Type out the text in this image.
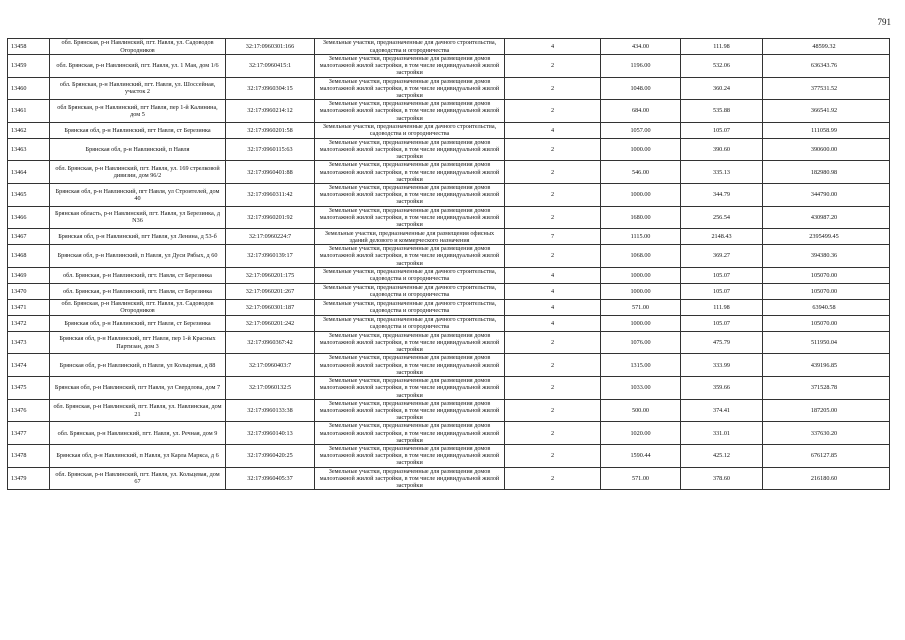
791
13458	обл. Брянская, р-н Навлинский, пгт. Навля, ул. Садоводов Огородников	32:17:0960301:166	Земельные участки, предназначенные для дачного строительства, садоводства и огородничества	4	434.00	111.98	48599.32
13459	обл. Брянская, р-н Навлинский, пгт. Навля, ул. 1 Мая, дом 1/6	32:17:0960415:1	Земельные участки, предназначенные для размещения домов малоэтажной жилой застройки, в том числе индивидуальной жилой застройки	2	1196.00	532.06	636343.76
13460	обл. Брянская, р-н Навлинский, пгт. Навля, ул. Шоссейная, участок 2	32:17:0960304:15	Земельные участки, предназначенные для размещения домов малоэтажной жилой застройки, в том числе индивидуальной жилой застройки	2	1048.00	360.24	377531.52
13461	обл Брянская, р-н Навлинский, пгт Навля, пер 1-й Калинина, дом 5	32:17:0960214:12	Земельные участки, предназначенные для размещения домов малоэтажной жилой застройки, в том числе индивидуальной жилой застройки	2	684.00	535.88	366541.92
13462	Брянская обл, р-н Навлинский, пгт Навля, ст Березинка	32:17:0960201:58	Земельные участки, предназначенные для дачного строительства, садоводства и огородничества	4	1057.00	105.07	111058.99
13463	Брянская обл, р-н Навлинский, п Навля	32:17:0960115:63	Земельные участки, предназначенные для размещения домов малоэтажной жилой застройки, в том числе индивидуальной жилой застройки	2	1000.00	390.60	390600.00
13464	обл. Брянская, р-н Навлинский, пгт. Навля, ул. 169 стрелковой дивизии, дом 96/2	32:17:0960401:88	Земельные участки, предназначенные для размещения домов малоэтажной жилой застройки, в том числе индивидуальной жилой застройки	2	546.00	335.13	182980.98
13465	Брянская обл, р-н Навлинский, пгт Навля, ул Строителей, дом 40	32:17:0960311:42	Земельные участки, предназначенные для размещения домов малоэтажной жилой застройки, в том числе индивидуальной жилой застройки	2	1000.00	344.79	344790.00
13466	Брянская область, р-н Навлинский, пгт. Навля, ул Березинка, д N36	32:17:0960201:92	Земельные участки, предназначенные для размещения домов малоэтажной жилой застройки, в том числе индивидуальной жилой застройки	2	1680.00	256.54	430987.20
13467	Брянская обл, р-н Навлинский, пгт Навля, ул Ленина, д 53-б	32:17:0960224:7	Земельные участки, предназначенные для размещения офисных зданий делового и коммерческого назначения	7	1115.00	2148.43	2395499.45
13468	Брянская обл, р-н Навлинский, п Навля, ул Дуси Рябых, д 60	32:17:0960139:17	Земельные участки, предназначенные для размещения домов малоэтажной жилой застройки, в том числе индивидуальной жилой застройки	2	1068.00	369.27	394380.36
13469	обл. Брянская, р-н Навлинский, пгт. Навля, ст Березинка	32:17:0960201:175	Земельные участки, предназначенные для дачного строительства, садоводства и огородничества	4	1000.00	105.07	105070.00
13470	обл. Брянская, р-н Навлинский, пгт. Навля, ст Березинка	32:17:0960201:267	Земельные участки, предназначенные для дачного строительства, садоводства и огородничества	4	1000.00	105.07	105070.00
13471	обл. Брянская, р-н Навлинский, пгт. Навля, ул. Садоводов Огородников	32:17:0960301:187	Земельные участки, предназначенные для дачного строительства, садоводства и огородничества	4	571.00	111.98	63940.58
13472	Брянская обл, р-н Навлинский, пгт Навля, ст Березинка	32:17:0960201:242	Земельные участки, предназначенные для дачного строительства, садоводства и огородничества	4	1000.00	105.07	105070.00
13473	Брянская обл, р-н Навлинский, пгт Навля, пер 1-й Красных Партизан, дом 3	32:17:0960367:42	Земельные участки, предназначенные для размещения домов малоэтажной жилой застройки, в том числе индивидуальной жилой застройки	2	1076.00	475.79	511950.04
13474	Брянская обл, р-н Навлинский, п Навля, ул Кольцевая, д 88	32:17:0960403:7	Земельные участки, предназначенные для размещения домов малоэтажной жилой застройки, в том числе индивидуальной жилой застройки	2	1315.00	333.99	439196.85
13475	Брянская обл, р-н Навлинский, пгт Навля, ул Свердлова, дом 7	32:17:0960132:5	Земельные участки, предназначенные для размещения домов малоэтажной жилой застройки, в том числе индивидуальной жилой застройки	2	1033.00	359.66	371528.78
13476	обл. Брянская, р-н Навлинский, пгт. Навля, ул. Навлинская, дом 21	32:17:0960133:38	Земельные участки, предназначенные для размещения домов малоэтажной жилой застройки, в том числе индивидуальной жилой застройки	2	500.00	374.41	187205.00
13477	обл. Брянская, р-н Навлинский, пгт. Навля, ул. Речная, дом 9	32:17:0960140:13	Земельные участки, предназначенные для размещения домов малоэтажной жилой застройки, в том числе индивидуальной жилой застройки	2	1020.00	331.01	337630.20
13478	Брянская обл, р-н Навлинский, п Навля, ул Карла Маркса, д 6	32:17:0960420:25	Земельные участки, предназначенные для размещения домов малоэтажной жилой застройки, в том числе индивидуальной жилой застройки	2	1590.44	425.12	676127.85
13479	обл. Брянская, р-н Навлинский, пгт. Навля, ул. Кольцевая, дом 67	32:17:0960405:37	Земельные участки, предназначенные для размещения домов малоэтажной жилой застройки, в том числе индивидуальной жилой застройки	2	571.00	378.60	216180.60
